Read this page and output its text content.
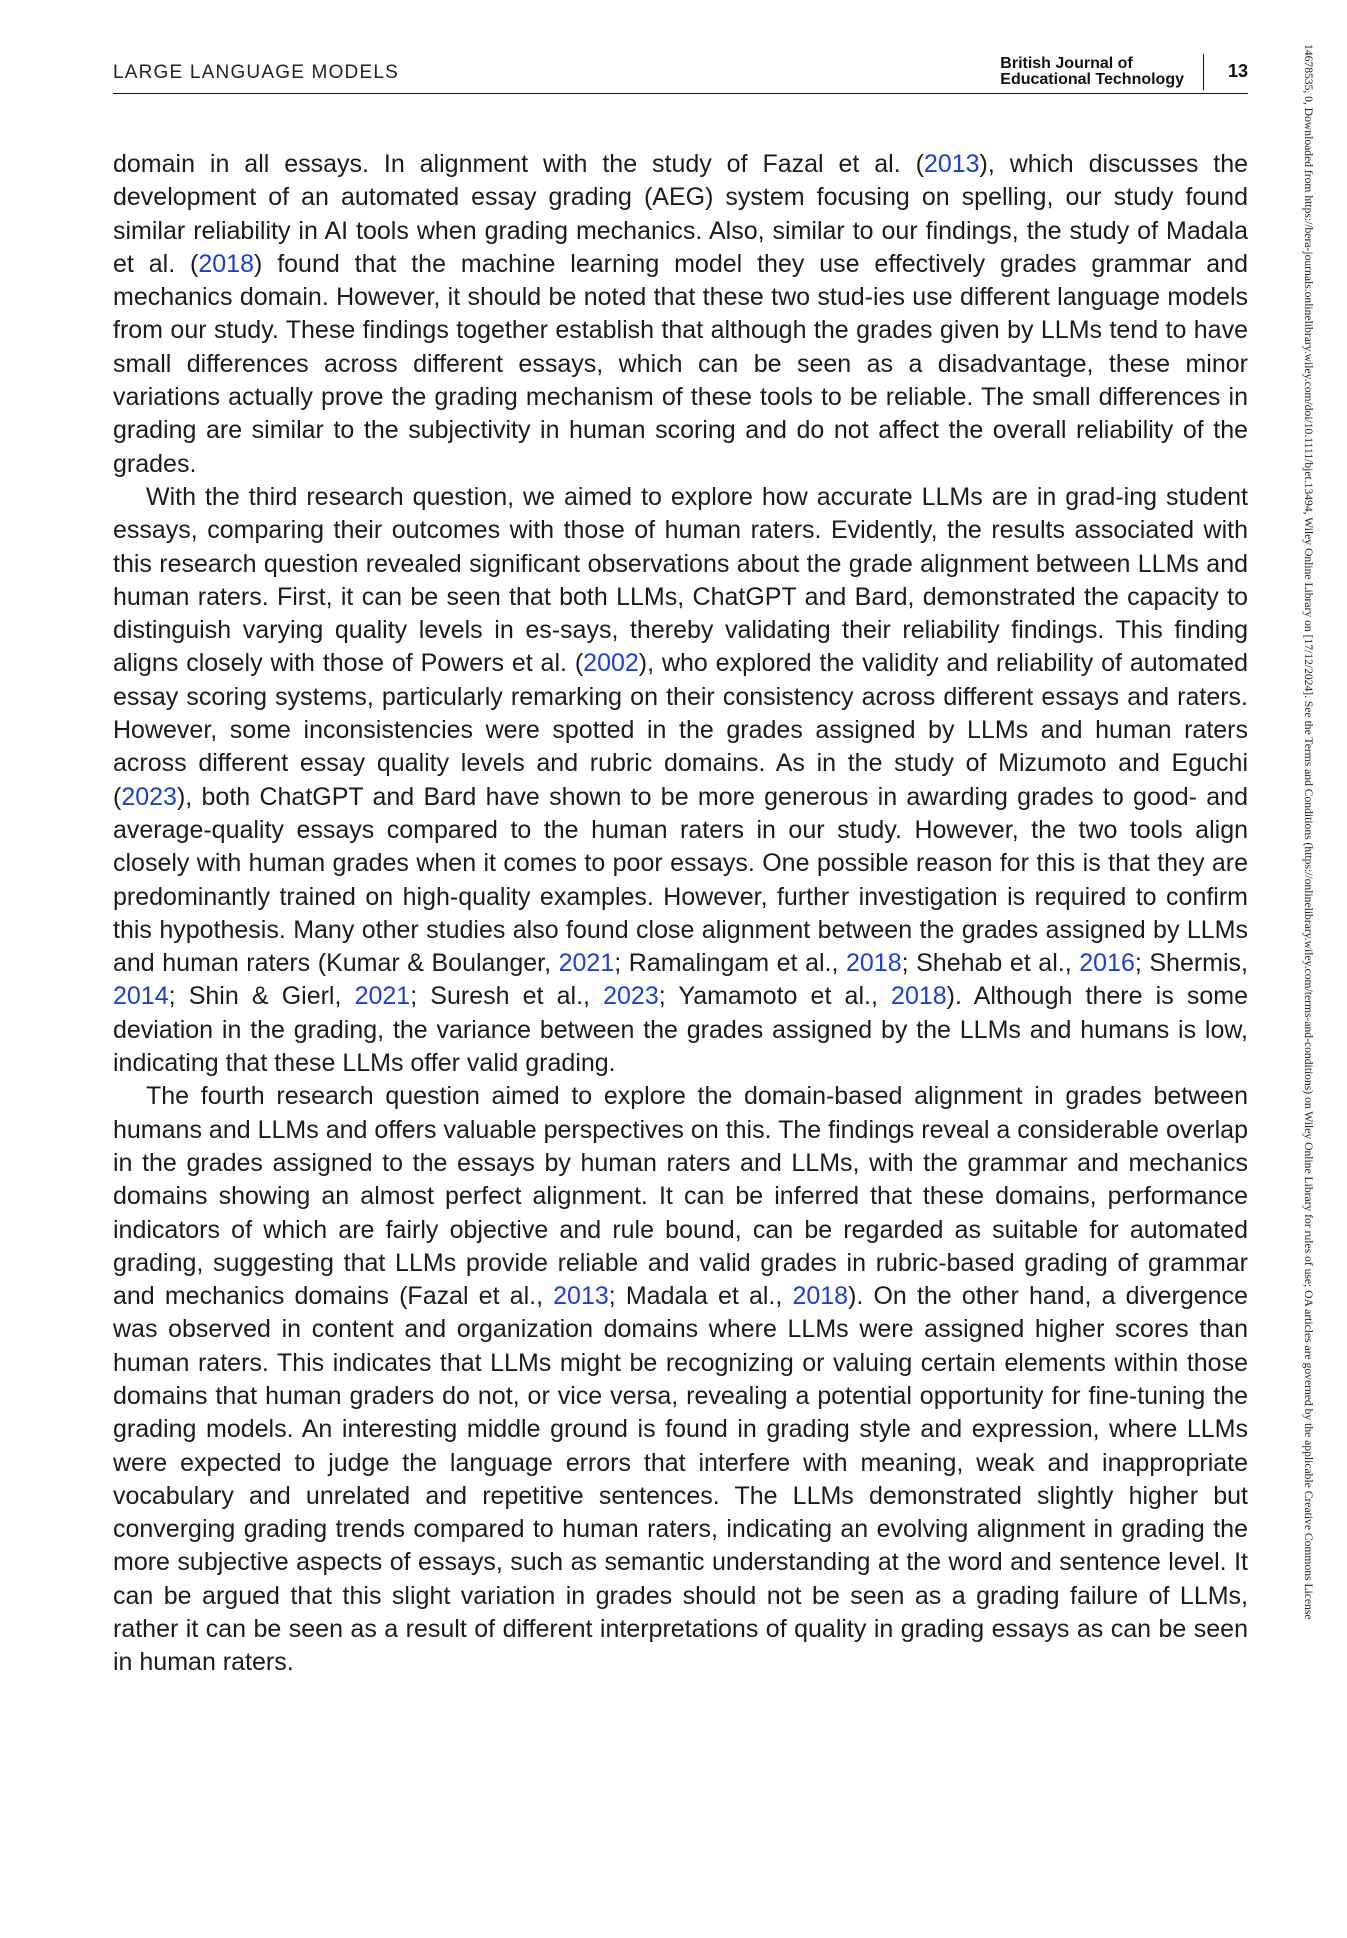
LARGE LANGUAGE MODELS	British Journal of
Educational Technology 13

domain in all essays. In alignment with the study of Fazal et al. (2013), which discusses the development of an automated essay grading (AEG) system focusing on spelling, our study found similar reliability in AI tools when grading mechanics. Also, similar to our findings, the study of Madala et al. (2018) found that the machine learning model they use effectively grades grammar and mechanics domain. However, it should be noted that these two stud-ies use different language models from our study. These findings together establish that although the grades given by LLMs tend to have small differences across different essays, which can be seen as a disadvantage, these minor variations actually prove the grading mechanism of these tools to be reliable. The small differences in grading are similar to the subjectivity in human scoring and do not affect the overall reliability of the grades.

With the third research question, we aimed to explore how accurate LLMs are in grad-ing student essays, comparing their outcomes with those of human raters. Evidently, the results associated with this research question revealed significant observations about the grade alignment between LLMs and human raters. First, it can be seen that both LLMs, ChatGPT and Bard, demonstrated the capacity to distinguish varying quality levels in es-says, thereby validating their reliability findings. This finding aligns closely with those of Powers et al. (2002), who explored the validity and reliability of automated essay scoring systems, particularly remarking on their consistency across different essays and raters. However, some inconsistencies were spotted in the grades assigned by LLMs and human raters across different essay quality levels and rubric domains. As in the study of Mizumoto and Eguchi (2023), both ChatGPT and Bard have shown to be more generous in awarding grades to good- and average-quality essays compared to the human raters in our study. However, the two tools align closely with human grades when it comes to poor essays. One possible reason for this is that they are predominantly trained on high-quality examples. However, further investigation is required to confirm this hypothesis. Many other studies also found close alignment between the grades assigned by LLMs and human raters (Kumar & Boulanger, 2021; Ramalingam et al., 2018; Shehab et al., 2016; Shermis, 2014; Shin & Gierl, 2021; Suresh et al., 2023; Yamamoto et al., 2018). Although there is some deviation in the grading, the variance between the grades assigned by the LLMs and humans is low, indicating that these LLMs offer valid grading.

The fourth research question aimed to explore the domain-based alignment in grades between humans and LLMs and offers valuable perspectives on this. The findings reveal a considerable overlap in the grades assigned to the essays by human raters and LLMs, with the grammar and mechanics domains showing an almost perfect alignment. It can be inferred that these domains, performance indicators of which are fairly objective and rule bound, can be regarded as suitable for automated grading, suggesting that LLMs provide reliable and valid grades in rubric-based grading of grammar and mechanics domains (Fazal et al., 2013; Madala et al., 2018). On the other hand, a divergence was observed in content and organization domains where LLMs were assigned higher scores than human raters. This indicates that LLMs might be recognizing or valuing certain elements within those domains that human graders do not, or vice versa, revealing a potential opportunity for fine-tuning the grading models. An interesting middle ground is found in grading style and expression, where LLMs were expected to judge the language errors that interfere with meaning, weak and inappropriate vocabulary and unrelated and repetitive sentences. The LLMs demonstrated slightly higher but converging grading trends compared to human raters, indicating an evolving alignment in grading the more subjective aspects of essays, such as semantic understanding at the word and sentence level. It can be argued that this slight variation in grades should not be seen as a grading failure of LLMs, rather it can be seen as a result of different interpretations of quality in grading essays as can be seen in human raters.

14678535, 0, Downloaded from https://bera-journals.onlinelibrary.wiley.com/doi/10.1111/bjet.13494, Wiley Online Library on [17/12/2024]. See the Terms and Conditions (https://onlinelibrary.wiley.com/terms-and-conditions) on Wiley Online Library for rules of use; OA articles are governed by the applicable Creative Commons License
